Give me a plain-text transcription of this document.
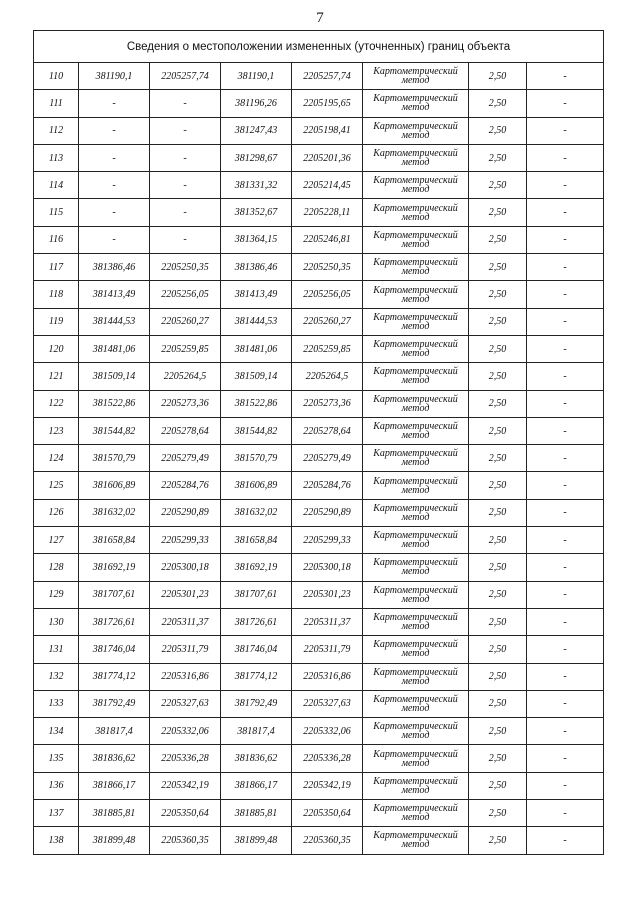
7
Сведения о местоположении измененных (уточненных) границ объекта							
110	381190,1	2205257,74	381190,1	2205257,74	Картометрический
метод	2,50	-
111	-	-	381196,26	2205195,65	Картометрический
метод	2,50	-
112	-	-	381247,43	2205198,41	Картометрический
метод	2,50	-
113	-	-	381298,67	2205201,36	Картометрический
метод	2,50	-
114	-	-	381331,32	2205214,45	Картометрический
метод	2,50	-
115	-	-	381352,67	2205228,11	Картометрический
метод	2,50	-
116	-	-	381364,15	2205246,81	Картометрический
метод	2,50	-
117	381386,46	2205250,35	381386,46	2205250,35	Картометрический
метод	2,50	-
118	381413,49	2205256,05	381413,49	2205256,05	Картометрический
метод	2,50	-
119	381444,53	2205260,27	381444,53	2205260,27	Картометрический
метод	2,50	-
120	381481,06	2205259,85	381481,06	2205259,85	Картометрический
метод	2,50	-
121	381509,14	2205264,5	381509,14	2205264,5	Картометрический
метод	2,50	-
122	381522,86	2205273,36	381522,86	2205273,36	Картометрический
метод	2,50	-
123	381544,82	2205278,64	381544,82	2205278,64	Картометрический
метод	2,50	-
124	381570,79	2205279,49	381570,79	2205279,49	Картометрический
метод	2,50	-
125	381606,89	2205284,76	381606,89	2205284,76	Картометрический
метод	2,50	-
126	381632,02	2205290,89	381632,02	2205290,89	Картометрический
метод	2,50	-
127	381658,84	2205299,33	381658,84	2205299,33	Картометрический
метод	2,50	-
128	381692,19	2205300,18	381692,19	2205300,18	Картометрический
метод	2,50	-
129	381707,61	2205301,23	381707,61	2205301,23	Картометрический
метод	2,50	-
130	381726,61	2205311,37	381726,61	2205311,37	Картометрический
метод	2,50	-
131	381746,04	2205311,79	381746,04	2205311,79	Картометрический
метод	2,50	-
132	381774,12	2205316,86	381774,12	2205316,86	Картометрический
метод	2,50	-
133	381792,49	2205327,63	381792,49	2205327,63	Картометрический
метод	2,50	-
134	381817,4	2205332,06	381817,4	2205332,06	Картометрический
метод	2,50	-
135	381836,62	2205336,28	381836,62	2205336,28	Картометрический
метод	2,50	-
136	381866,17	2205342,19	381866,17	2205342,19	Картометрический
метод	2,50	-
137	381885,81	2205350,64	381885,81	2205350,64	Картометрический
метод	2,50	-
138	381899,48	2205360,35	381899,48	2205360,35	Картометрический
метод	2,50	-
